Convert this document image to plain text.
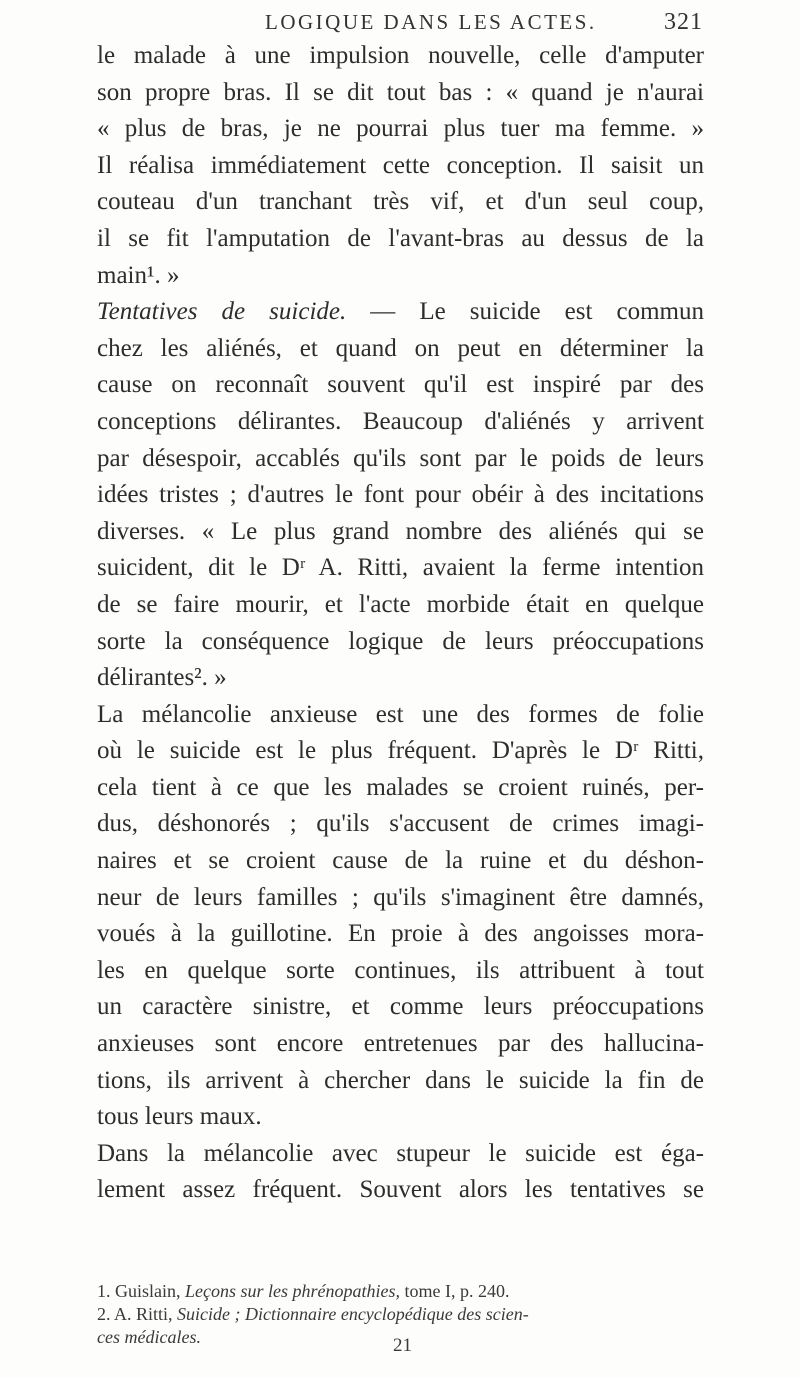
LOGIQUE DANS LES ACTES.	321
le malade à une impulsion nouvelle, celle d'amputer
son propre bras. Il se dit tout bas : « quand je n'aurai
« plus de bras, je ne pourrai plus tuer ma femme. »
Il réalisa immédiatement cette conception. Il saisit un
couteau d'un tranchant très vif, et d'un seul coup,
il se fit l'amputation de l'avant-bras au dessus de la
main¹. »
Tentatives de suicide. — Le suicide est commun
chez les aliénés, et quand on peut en déterminer la
cause on reconnaît souvent qu'il est inspiré par des
conceptions délirantes. Beaucoup d'aliénés y arrivent
par désespoir, accablés qu'ils sont par le poids de leurs
idées tristes ; d'autres le font pour obéir à des incitations
diverses. « Le plus grand nombre des aliénés qui se
suicident, dit le Dʳ A. Ritti, avaient la ferme intention
de se faire mourir, et l'acte morbide était en quelque
sorte la conséquence logique de leurs préoccupations
délirantes². »
La mélancolie anxieuse est une des formes de folie
où le suicide est le plus fréquent. D'après le Dʳ Ritti,
cela tient à ce que les malades se croient ruinés, per-
dus, déshonorés ; qu'ils s'accusent de crimes imagi-
naires et se croient cause de la ruine et du déshon-
neur de leurs familles ; qu'ils s'imaginent être damnés,
voués à la guillotine. En proie à des angoisses mora-
les en quelque sorte continues, ils attribuent à tout
un caractère sinistre, et comme leurs préoccupations
anxieuses sont encore entretenues par des hallucina-
tions, ils arrivent à chercher dans le suicide la fin de
tous leurs maux.
Dans la mélancolie avec stupeur le suicide est éga-
lement assez fréquent. Souvent alors les tentatives se
1. Guislain, Leçons sur les phrénopathies, tome I, p. 240.
2. A. Ritti, Suicide ; Dictionnaire encyclopédique des scien-
ces médicales.	21
